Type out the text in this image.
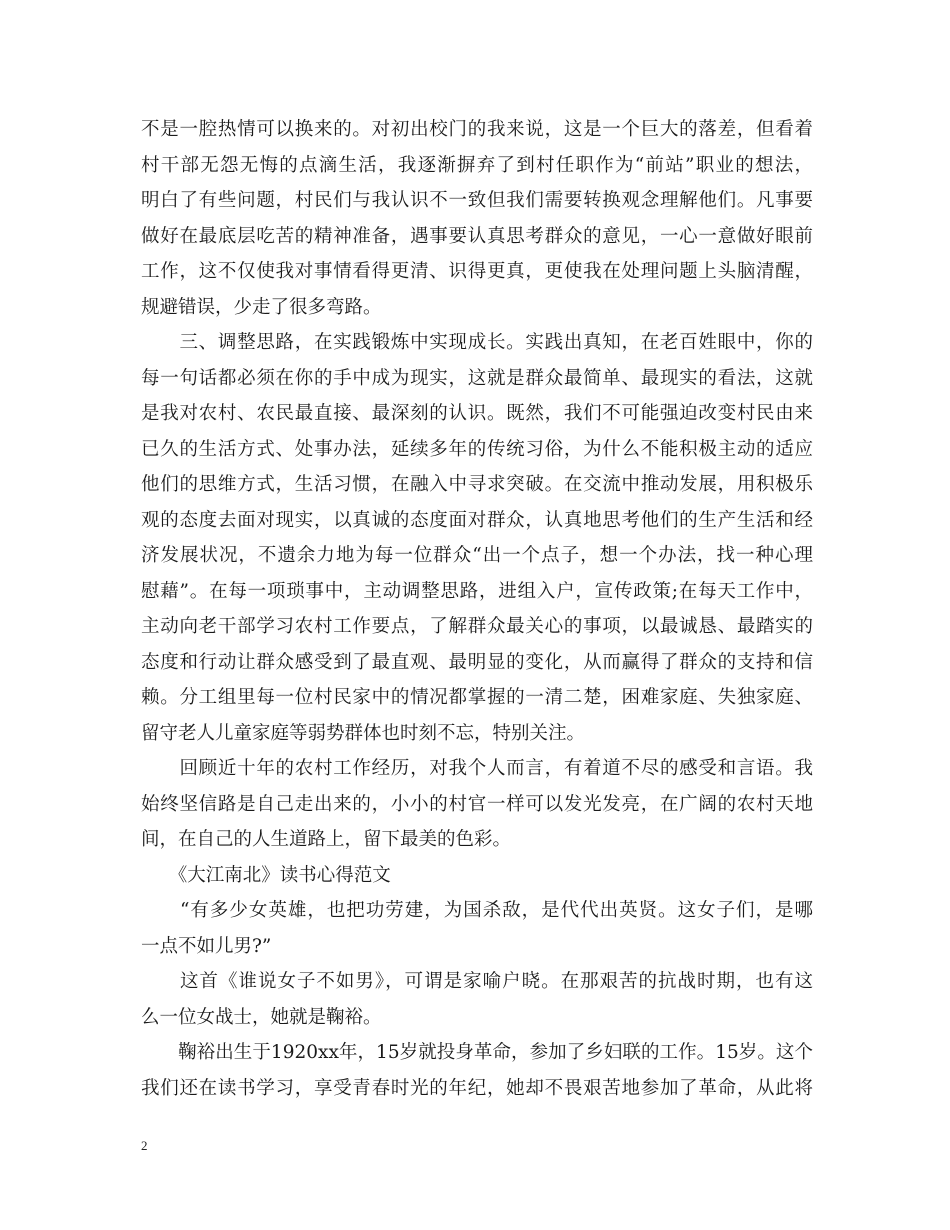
不是一腔热情可以换来的。对初出校门的我来说，这是一个巨大的落差，但看着
村干部无怨无悔的点滴生活，我逐渐摒弃了到村任职作为“前站”职业的想法，
明白了有些问题，村民们与我认识不一致但我们需要转换观念理解他们。凡事要
做好在最底层吃苦的精神准备，遇事要认真思考群众的意见，一心一意做好眼前
工作，这不仅使我对事情看得更清、识得更真，更使我在处理问题上头脑清醒，
规避错误，少走了很多弯路。
　　三、调整思路，在实践锻炼中实现成长。实践出真知，在老百姓眼中，你的
每一句话都必须在你的手中成为现实，这就是群众最简单、最现实的看法，这就
是我对农村、农民最直接、最深刻的认识。既然，我们不可能强迫改变村民由来
已久的生活方式、处事办法，延续多年的传统习俗，为什么不能积极主动的适应
他们的思维方式，生活习惯，在融入中寻求突破。在交流中推动发展，用积极乐
观的态度去面对现实，以真诚的态度面对群众，认真地思考他们的生产生活和经
济发展状况，不遗余力地为每一位群众“出一个点子，想一个办法，找一种心理
慰藉”。在每一项琐事中，主动调整思路，进组入户，宣传政策;在每天工作中，
主动向老干部学习农村工作要点，了解群众最关心的事项，以最诚恳、最踏实的
态度和行动让群众感受到了最直观、最明显的变化，从而赢得了群众的支持和信
赖。分工组里每一位村民家中的情况都掌握的一清二楚，困难家庭、失独家庭、
留守老人儿童家庭等弱势群体也时刻不忘，特别关注。
　　回顾近十年的农村工作经历，对我个人而言，有着道不尽的感受和言语。我
始终坚信路是自己走出来的，小小的村官一样可以发光发亮，在广阔的农村天地
间，在自己的人生道路上，留下最美的色彩。
　　《大江南北》读书心得范文
　　“有多少女英雄，也把功劳建，为国杀敌，是代代出英贤。这女子们，是哪
一点不如儿男?”
　　这首《谁说女子不如男》，可谓是家喻户晓。在那艰苦的抗战时期，也有这
么一位女战士，她就是鞠裕。
　　鞠裕出生于1920xx年，15岁就投身革命，参加了乡妇联的工作。15岁。这个
我们还在读书学习，享受青春时光的年纪，她却不畏艰苦地参加了革命，从此将
2
